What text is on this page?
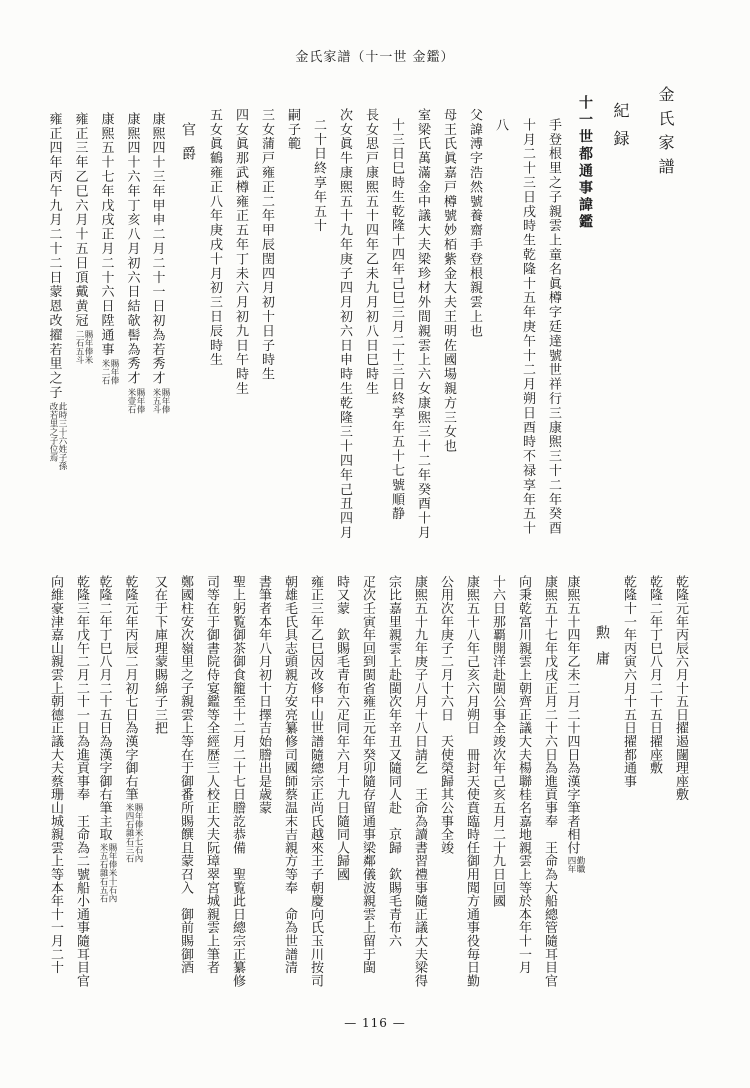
金氏家譜（十一世 金鑑）
— 116 —
金氏家譜
紀録
十一世都通事諱鑑
手登根里之子親雲上童名眞樽字廷達號世祥行三康煕三十二年癸酉
十月二十三日戌時生乾隆十五年庚午十二月朔日酉時不禄享年五十
八
父諱溥字浩然號養齋手登根親雲上也
母王氏眞嘉戸樽號妙栢紫金大夫王明佐國場親方三女也
室梁氏萬滿金中議大夫梁珍材外間親雲上六女康煕三十二年癸酉十月
十三日巳時生乾隆十四年己巳三月二十三日終享年五十七號順静
長女思戸康煕五十四年乙未九月初八日巳時生
次女眞牛康煕五十九年庚子四月初六日申時生乾隆三十四年己丑四月
二十日終享年五十
嗣子範
三女蒲戸雍正二年甲辰閏四月初十日子時生
四女眞那武樽雍正五年丁未六月初九日午時生
五女眞鶴雍正八年庚戌十月初三日辰時生
官爵
康煕四十三年甲申二月二十一日初為若秀才賜年俸米五斗
康煕四十六年丁亥八月初六日結欹髻為秀才賜年俸米壹石
康煕五十七年戊戌正月二十六日陞通事賜年俸米二石
雍正三年乙巳六月十五日頂戴黄冠賜年俸米二石五斗
雍正四年丙午九月二十二日蒙恩改擢若里之子此時三十六姓子孫改若里之子位焉
乾隆元年丙辰六月十五日擢遏闥理座敷
乾隆二年丁巳八月二十五日擢座敷
乾隆十一年丙寅六月十五日擢都通事
勲庸
康煕五十四年乙未二月二十四日為漢字筆者相付勤職四年
康煕五十七年戊戌正月二十六日為進貢事奉　王命為大船總管隨耳目官
向秉乾富川親雲上朝齊正議大夫楊聯桂名嘉地親雲上等於本年十一月
十六日那覇開洋赴閩公事全竣次年己亥五月二十九日回國
康煕五十八年己亥六月朔日　冊封天使賁臨時任御用聞方通事役毎日勤
公用次年庚子二月十六日　天使榮歸其公事全竣
康煕五十九年庚子八月十八日請乞　王命為讀書習禮事隨正議大夫梁得
宗比嘉里親雲上赴閩次年辛丑又隨同人赴　京歸　欽賜毛青布六
疋次壬寅年回到閩省雍正元年癸卯隨存留通事梁鄰儀波親雲上留于閩
時又蒙　欽賜毛青布六疋同年六月十九日隨同人歸國
雍正三年乙巳因改修中山世譜隨總宗正尚氏越來王子朝慶向氏玉川按司
朝雄毛氏具志頭親方安亮纂修司國師蔡温末吉親方等奉　命為世譜清
書筆者本年八月初十日擇吉始謄出是歳蒙
聖上躬覧御茶御食籠至十二月二十七日謄訖恭備　聖覧此日總宗正纂修
司等在于御書院侍宴鑑等全經歴三人校正大夫阮璋翠宮城親雲上筆者
鄭國柱安次嶺里之子親雲上等在于御番所賜饌且蒙召入　御前賜御酒
又在于下庫理蒙賜綿子三把
乾隆元年丙辰二月初七日為漢字御右筆賜年俸米七石內米四石雜石三石
乾隆二年丁巳八月二十五日為漢字御右筆主取賜年俸米十石內米五石雜石五石
乾隆三年戊午二月二十一日為進貢事奉　王命為二號船小通事隨耳目官
向維豪津嘉山親雲上朝德正議大夫蔡珊山城親雲上等本年十一月二十
